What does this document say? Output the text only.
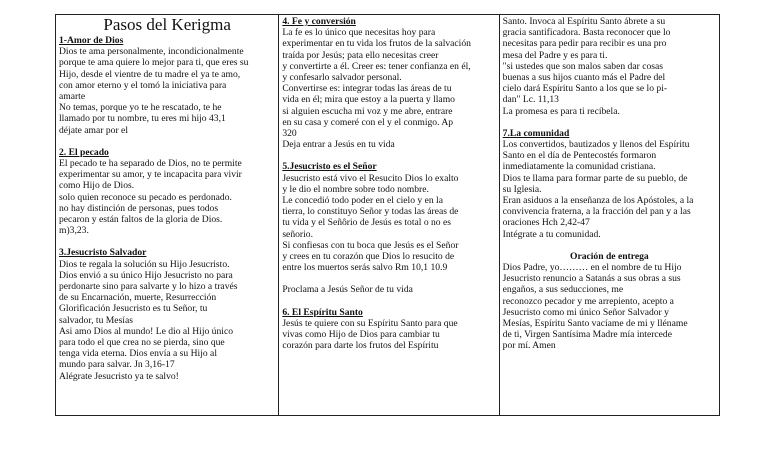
Pasos del Kerigma
1-Amor de Dios

Dios te ama personalmente, incondicionalmente

porque te ama quiere lo mejor para ti, que eres su

Hijo, desde el vientre de tu madre el ya te amo,

con amor eterno y el tomó la iniciativa para

amarte

No temas, porque yo te he rescatado, te he

llamado por tu nombre, tu eres mi hijo 43,1

déjate amar por el

2. El pecado

El pecado te ha separado de Dios, no te permite

experimentar su amor, y te incapacita para vivir

como Hijo de Dios.

solo quien reconoce su pecado es perdonado.

no hay distinción de personas, pues todos

pecaron y están faltos de la gloria de Dios.

m)3,23.

3.Jesucristo Salvador

Dios te regala la solución su Hijo Jesucristo.

Dios envió a su único Hijo Jesucristo no para

perdonarte sino para salvarte y lo hizo a través

de su Encarnación, muerte, Resurrección

Glorificación Jesucristo es tu Señor, tu

salvador, tu Mesías

Asi amo Dios al mundo! Le dio al Hijo único

para todo el que crea no se pierda, sino que

tenga vida eterna. Dios envía a su Hijo al

mundo para salvar. Jn 3,16-17

Alégrate Jesucristo ya te salvo!

4. Fe y conversión

La fe es lo único que necesitas hoy para

experimentar en tu vida los frutos de la salvación

traída por Jesús; pata ello necesitas creer

y convertirte a él. Creer es: tener confianza en él,

y confesarlo salvador personal.

Convertirse es: integrar todas las áreas de tu

vida en él; mira que estoy a la puerta y llamo

si alguien escucha mi voz y me abre, entrare

en su casa y comeré con el y el conmigo. Ap

320

Deja entrar a Jesús en tu vida

5.Jesucristo es el Señor

Jesucristo está vivo el Resucito Dios lo exalto

y le dio el nombre sobre todo nombre.

Le concedió todo poder en el cielo y en la

tierra, lo constituyo Señor y todas las áreas de

tu vida y el Señôrio de Jesús es total o no es

señorio.

Si confiesas con tu boca que Jesús es el Señor

y crees en tu corazón que Dios lo resucito de

entre los muertos serás salvo Rm 10,1 10.9

Proclama a Jesús Señor de tu vida

6. El Espíritu Santo

Jesús te quiere con su Espíritu Santo para que

vivas como Hijo de Dios para cambiar tu

corazón para darte los frutos del Espíritu

Santo. Invoca al Espíritu Santo ábrete a su

gracia santificadora. Basta reconocer que lo

necesitas para pedir para recibir es una pro

mesa del Padre y es para ti.

"si ustedes que son malos saben dar cosas

buenas a sus hijos cuanto más el Padre del

cielo dará Espíritu Santo a los que se lo pi-

dan" Lc. 11,13

La promesa es para ti recíbela.

7.La comunidad

Los convertidos, bautizados y llenos del Espíritu

Santo en el día de Pentecostés formaron

inmediatamente la comunidad cristiana.

Dios te llama para formar parte de su pueblo, de

su Iglesia.

Eran asiduos a la enseñanza de los Apóstoles, a la

convivencia fraterna, a la fracción del pan y a las

oraciones Hch 2,42-47

Intégrate a tu comunidad.

Oración de entrega

Dios Padre, yo……… en el nombre de tu Hijo

Jesucristo renuncio a Satanás a sus obras a sus

engaños, a sus seducciones, me

reconozco pecador y me arrepiento, acepto a

Jesucristo como mi único Señor Salvador y

Mesías, Espíritu Santo vacíame de mi y lléname

de ti, Virgen Santísima Madre mía intercede

por mí. Amen
